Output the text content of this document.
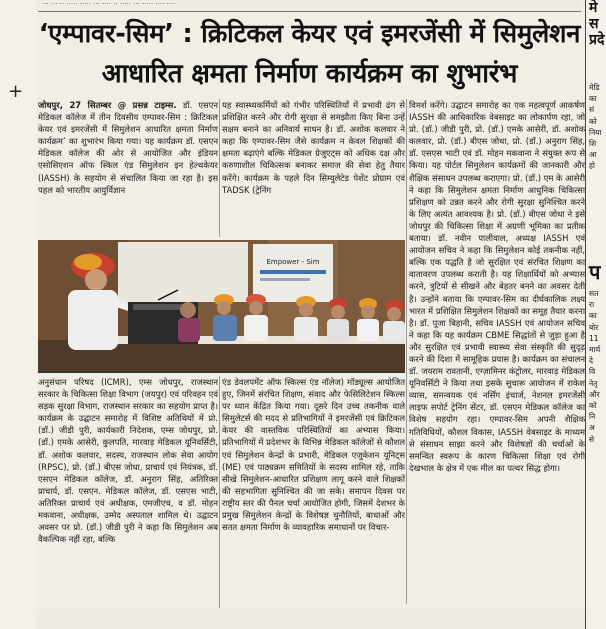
··· ··· ·· ····· ····· ··· ···· ·· ····· ··· ····· ···· ····
+
‘एम्पावर-सिम’ : क्रिटिकल केयर एवं इमरजेंसी में सिमुलेशन
आधारित क्षमता निर्माण कार्यक्रम का शुभारंभ

जोधपुर, 27 सितम्बर @ प्रसन्न टाइम्स. डॉ. एसएन मेडिकल कॉलेज में तीन दिवसीय एम्पावर-सिम : क्रिटिकल केयर एवं इमरजेंसी में सिमुलेशन आधारित क्षमता निर्माण कार्यक्रम’ का शुभारंभ किया गया। यह कार्यक्रम डॉ. एसएन मेडिकल कॉलेज की ओर से आयोजित और इंडियन एसोसिएशन ऑफ स्किल एंड सिमुलेशन इन हेल्थकेयर (IASSH) के सहयोग से संचालित किया जा रहा है। इस पहल को भारतीय आयुर्विज्ञान

यह स्वास्थ्यकर्मियों को गंभीर परिस्थितियों में प्रभावी ढंग से प्रशिक्षित करने और रोगी सुरक्षा से समझौता किए बिना उन्हें सक्षम बनाने का अनिवार्य साधन है। डॉ. अशोक कलवार ने कहा कि एम्पावर-सिम जैसे कार्यक्रम न केवल शिक्षकों की क्षमता बढ़ाएंगे बल्कि मेडिकल ग्रेजुएट्स को अधिक दक्ष और करुणाशील चिकित्सक बनाकर समाज की सेवा हेतु तैयार करेंगे। कार्यक्रम के पहले दिन सिम्युलेटेड पेशेंट प्रोग्राम एवं TADSK (ट्रेनिंग

विमर्श करेंगे। उद्घाटन समारोह का एक महत्वपूर्ण आकर्षण IASSH की आधिकारिक वेबसाइट का लोकार्पण रहा, जो प्रो. (डॉ.) जीडी पुरी, प्रो. (डॉ.) एमके आसेरी, डॉ. अशोक कलवार, प्रो. (डॉ.) बीएस जोधा, प्रो. (डॉ.) अनुराग सिंह, डॉ. एसएस भाटी एवं डॉ. मोहन मकवाना ने संयुक्त रूप से किया। यह पोर्टल सिमुलेशन कार्यक्रमों की जानकारी और शैक्षिक संसाधन उपलब्ध कराएगा। प्रो. (डॉ.) एम के आसेरी ने कहा कि सिमुलेशन क्षमता निर्माण आधुनिक चिकित्सा प्रशिक्षण को उन्नत करने और रोगी सुरक्षा सुनिश्चित करने के लिए अत्यंत आवश्यक है। प्रो. (डॉ.) बीएस जोधा ने इसे जोधपुर की चिकित्सा शिक्षा में अग्रणी भूमिका का प्रतीक बताया। डॉ. नवीन पालीवाल, अध्यक्ष IASSH एवं आयोजन सचिव ने कहा कि सिमुलेशन कोई तकनीक नहीं, बल्कि एक पद्धति है जो सुरक्षित एवं संरचित शिक्षण का वातावरण उपलब्ध कराती है। यह शिक्षार्थियों को अभ्यास करने, त्रुटियों से सीखने और बेहतर बनने का अवसर देती है। उन्होंने बताया कि एम्पावर-सिम का दीर्घकालिक लक्ष्य भारत में प्रशिक्षित सिमुलेशन शिक्षकों का समूह तैयार करना है। डॉ. पूजा बिहानी, सचिव IASSH एवं आयोजन सचिव ने कहा कि यह कार्यक्रम CBME सिद्धांतों से जुड़ा हुआ है और सुरक्षित एवं प्रभावी स्वास्थ्य सेवा संस्कृति की सुदृढ़ करने की दिशा में सामूहिक प्रयास है। कार्यक्रम का संचालन डॉ. जयराम रावतानी, एग्ज़ामिनर कंट्रोलर, मारवाड़ मेडिकल यूनिवर्सिटी ने किया तथा इसके सुचारू आयोजन में राकेश व्यास, समन्वयक एवं नर्सिंग इंचार्ज, नेशनल इमरजेंसी लाइफ सपोर्ट ट्रेनिंग सेंटर, डॉ. एसएन मेडिकल कॉलेज का विशेष सहयोग रहा। एम्पावर-सिम अपनी शैक्षिक गतिविधियों, कौशल विकास, IASSH वेबसाइट के माध्यम से संसाधन साझा करने और विशेषज्ञों की चर्चाओं के समन्वित स्वरूप के कारण चिकित्सा शिक्षा एवं रोगी देखभाल के क्षेत्र में एक मील का पत्थर सिद्ध होगा।

Empower - Sim

अनुसंधान परिषद (ICMR), एम्स जोधपुर, राजस्थान सरकार के चिकित्सा शिक्षा विभाग (जयपुर) एवं परिवहन एवं सड़क सुरक्षा विभाग, राजस्थान सरकार का सहयोग प्राप्त है। कार्यक्रम के उद्घाटन समारोह में विशिष्ट अतिथियों में प्रो. (डॉ.) जीडी पुरी, कार्यकारी निदेशक, एम्स जोधपुर, प्रो. (डॉ.) एमके आसेरी, कुलपति, मारवाड़ मेडिकल यूनिवर्सिटी, डॉ. अशोक कलवार, सदस्य, राजस्थान लोक सेवा आयोग (RPSC), प्रो. (डॉ.) बीएस जोधा, प्राचार्य एवं नियंत्रक, डॉ. एसएन मेडिकल कॉलेज, डॉ. अनुराग सिंह, अतिरिक्त प्राचार्य, डॉ. एसएन. मेडिकल कॉलेज, डॉ. एसएस भाटी, अतिरिक्त प्राचार्य एवं अधीक्षक, एमजीएच, व डॉ. मोहन मकवाना, अधीक्षक, उम्मेद अस्पताल शामिल थे। उद्घाटन अवसर पर प्रो. (डॉ.) जीडी पुरी ने कहा कि सिमुलेशन अब वैकल्पिक नहीं रहा, बल्कि

एंड डेवलपमेंट ऑफ स्किल्स एंड नॉलेज) मॉड्यूल्स आयोजित हुए, जिनमें संरचित शिक्षण, संवाद और फेसिलिटेशन स्किल्स पर ध्यान केंद्रित किया गया। दूसरे दिन उच्च तकनीक वाले सिमुलेटर्स की मदद से प्रतिभागियों ने इमरजेंसी एवं क्रिटिकल केयर की वास्तविक परिस्थितियों का अभ्यास किया। प्रतिभागियों में प्रदेशभर के विभिन्न मेडिकल कॉलेजों से कौशल एवं सिमुलेशन केन्द्रों के प्रभारी, मेडिकल एजुकेशन यूनिट्स (ME) एवं पाठ्यक्रम समितियों के सदस्य शामिल रहे, ताकि सीखे सिमुलेशन-आधारित प्रशिक्षण लागू करने वाले शिक्षकों की सहभागिता सुनिश्चित की जा सके। समापन दिवस पर राष्ट्रीय स्तर की पैनल चर्चा आयोजित होगी, जिसमें देशभर के प्रमुख सिमुलेशन केन्द्रों के विशेषज्ञ चुनौतियों, बाधाओं और सतत क्षमता निर्माण के व्यावहारिक समाधानों पर विचार-

मे
स
प्रदे
मेडि
का
सं
को
निया
शि
आ
हो
प
सत
रा
का
बोर
11
मार्च
दे
वि
नेतृ
और
को
नि
अ
से
